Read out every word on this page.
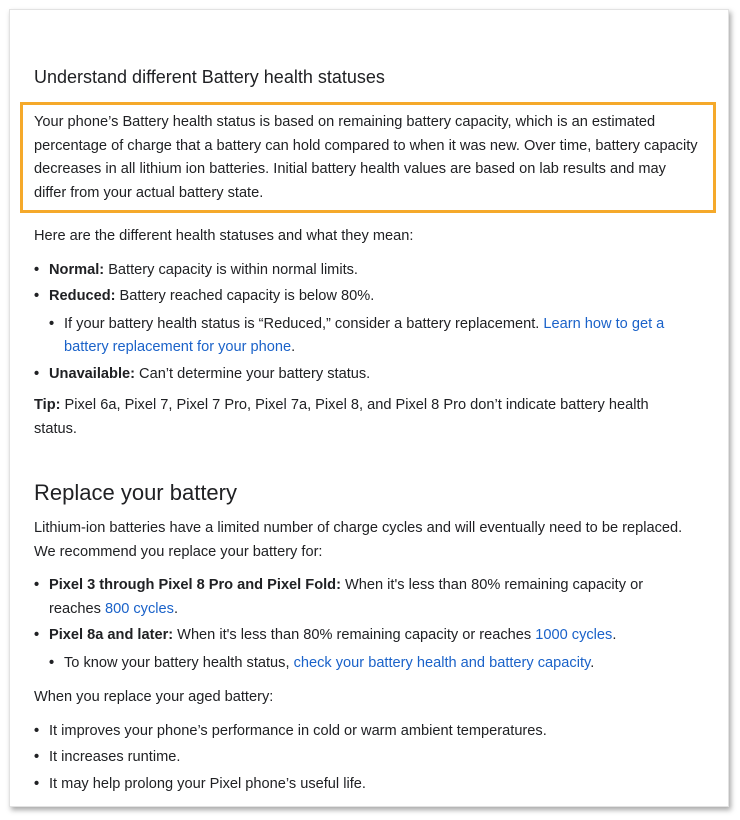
Understand different Battery health statuses
Your phone’s Battery health status is based on remaining battery capacity, which is an estimated percentage of charge that a battery can hold compared to when it was new. Over time, battery capacity decreases in all lithium ion batteries. Initial battery health values are based on lab results and may differ from your actual battery state.

Here are the different health statuses and what they mean:

• Normal: Battery capacity is within normal limits.
• Reduced: Battery reached capacity is below 80%.
• If your battery health status is “Reduced,” consider a battery replacement. Learn how to get a battery replacement for your phone.
• Unavailable: Can’t determine your battery status.

Tip: Pixel 6a, Pixel 7, Pixel 7 Pro, Pixel 7a, Pixel 8, and Pixel 8 Pro don’t indicate battery health status.

Replace your battery

Lithium-ion batteries have a limited number of charge cycles and will eventually need to be replaced. We recommend you replace your battery for:

• Pixel 3 through Pixel 8 Pro and Pixel Fold: When it's less than 80% remaining capacity or reaches 800 cycles.
• Pixel 8a and later: When it's less than 80% remaining capacity or reaches 1000 cycles.
• To know your battery health status, check your battery health and battery capacity.

When you replace your aged battery:

• It improves your phone’s performance in cold or warm ambient temperatures.
• It increases runtime.
• It may help prolong your Pixel phone’s useful life.
